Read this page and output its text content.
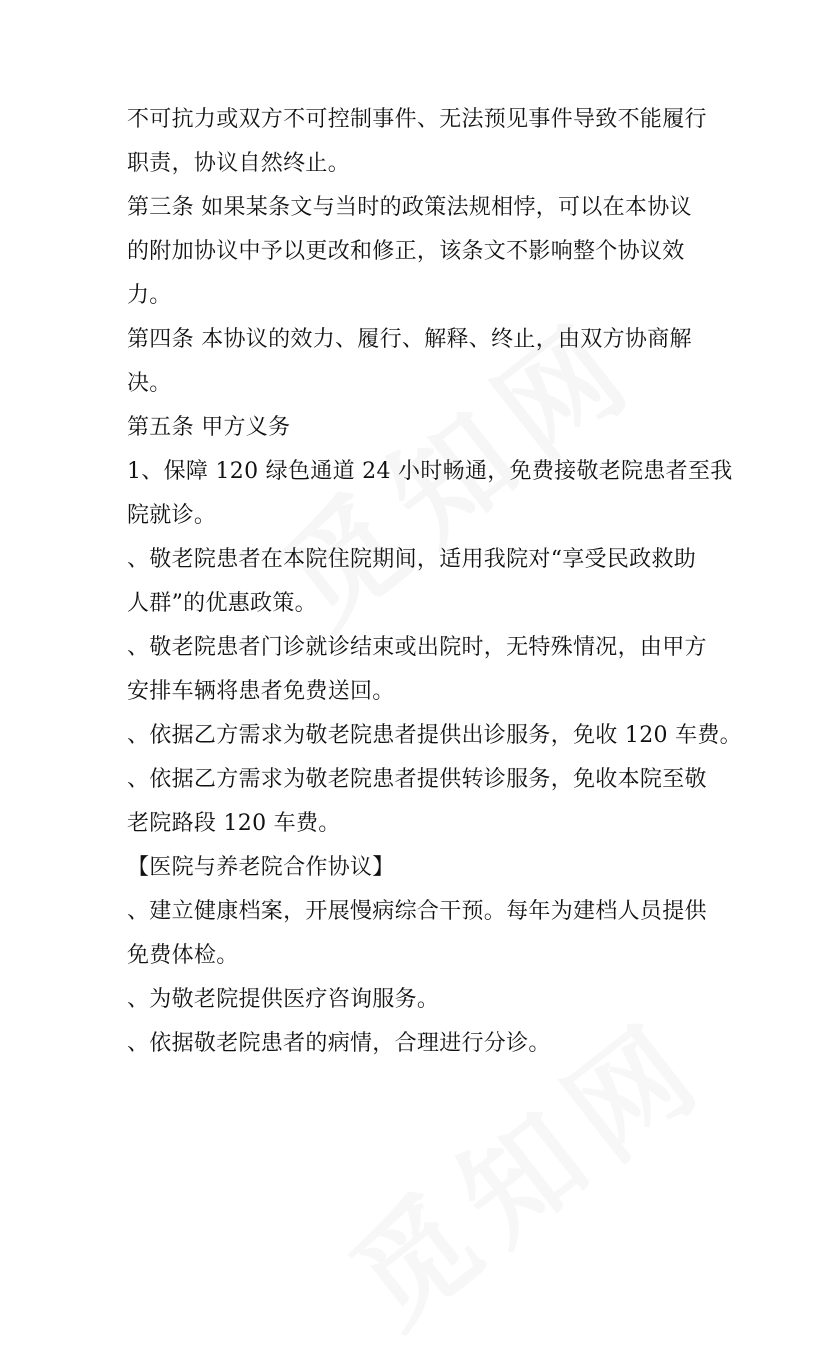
不可抗力或双方不可控制事件、无法预见事件导致不能履行
职责，协议自然终止。
第三条 如果某条文与当时的政策法规相悖，可以在本协议
的附加协议中予以更改和修正，该条文不影响整个协议效
力。
第四条 本协议的效力、履行、解释、终止，由双方协商解
决。
第五条 甲方义务
1、保障 120 绿色通道 24 小时畅通，免费接敬老院患者至我
院就诊。
、敬老院患者在本院住院期间，适用我院对“享受民政救助
人群”的优惠政策。
、敬老院患者门诊就诊结束或出院时，无特殊情况，由甲方
安排车辆将患者免费送回。
、依据乙方需求为敬老院患者提供出诊服务，免收 120 车费。
、依据乙方需求为敬老院患者提供转诊服务，免收本院至敬
老院路段 120 车费。
【医院与养老院合作协议】
、建立健康档案，开展慢病综合干预。每年为建档人员提供
免费体检。
、为敬老院提供医疗咨询服务。
、依据敬老院患者的病情，合理进行分诊。
